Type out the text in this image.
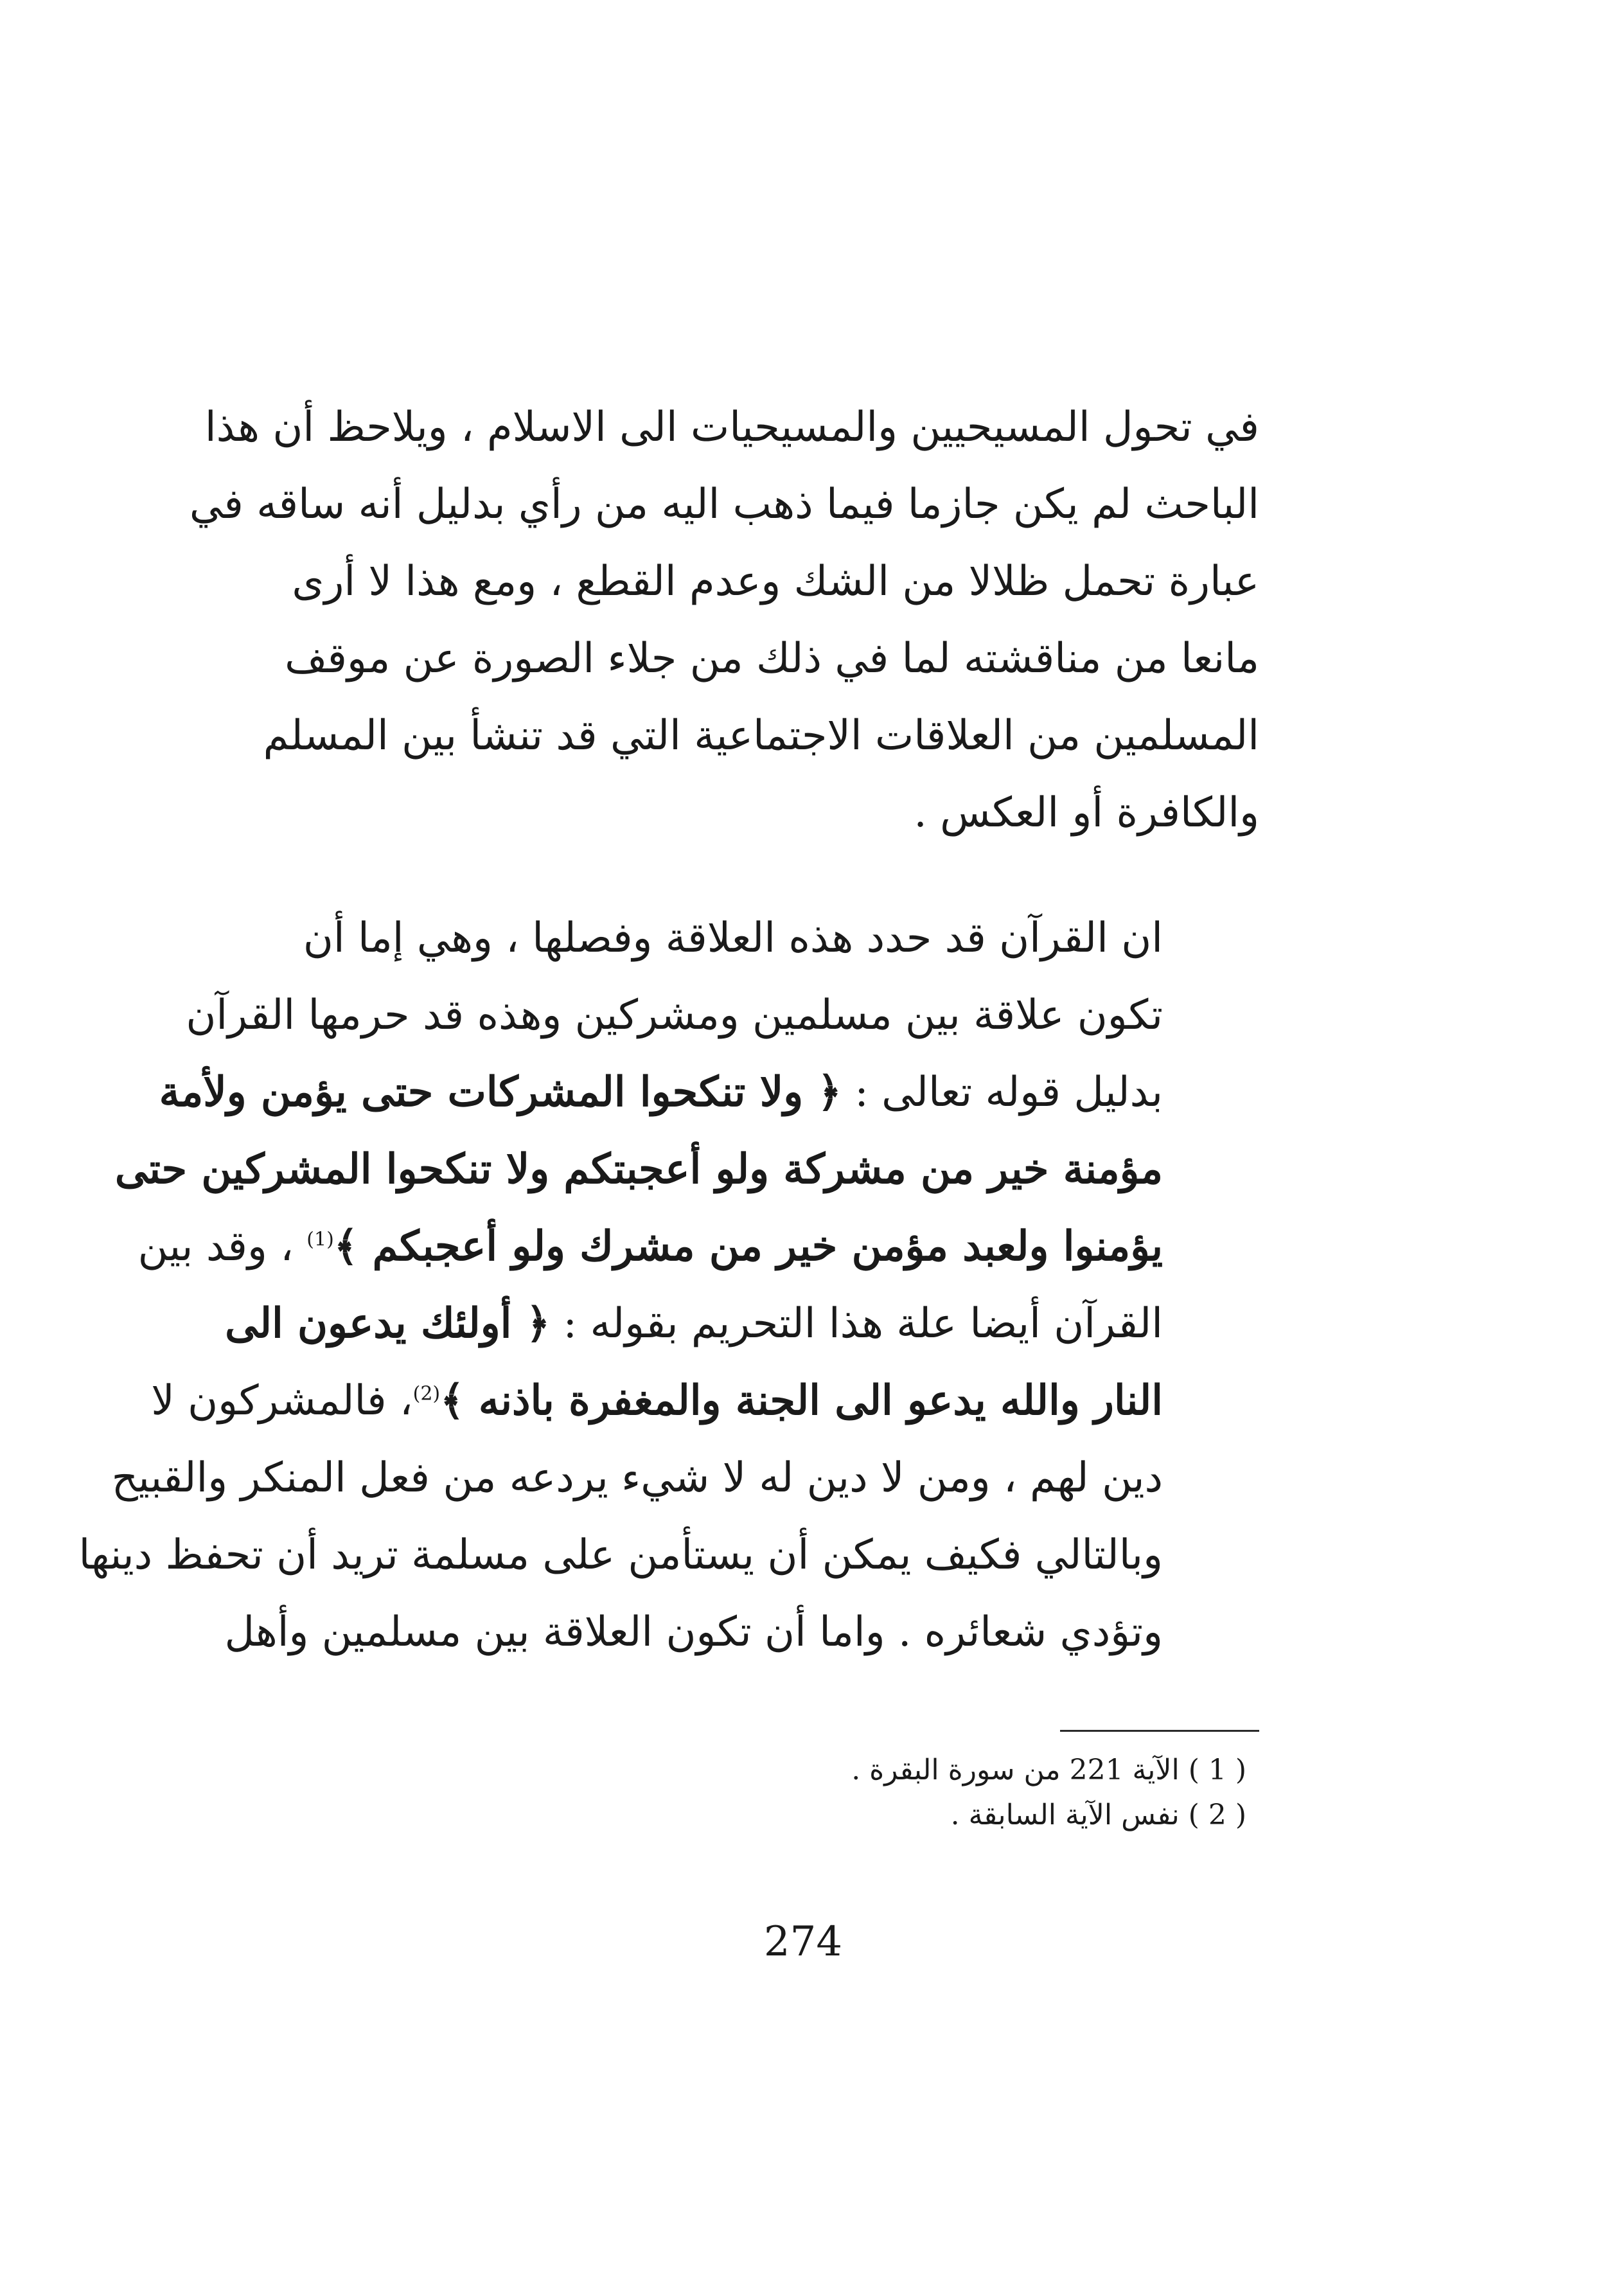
في تحول المسيحيين والمسيحيات الى الاسلام ، ويلاحظ أن هذا
الباحث لم يكن جازما فيما ذهب اليه من رأي بدليل أنه ساقه في
عبارة تحمل ظلالا من الشك وعدم القطع ، ومع هذا لا أرى
مانعا من مناقشته لما في ذلك من جلاء الصورة عن موقف
المسلمين من العلاقات الاجتماعية التي قد تنشأ بين المسلم
والكافرة أو العكس .
ان القرآن قد حدد هذه العلاقة وفصلها ، وهي إما أن
تكون علاقة بين مسلمين ومشركين وهذه قد حرمها القرآن
بدليل قوله تعالى : ﴿ ولا تنكحوا المشركات حتى يؤمن ولأمة
مؤمنة خير من مشركة ولو أعجبتكم ولا تنكحوا المشركين حتى
يؤمنوا ولعبد مؤمن خير من مشرك ولو أعجبكم ﴾$^{(1)}$ ، وقد بين
القرآن أيضا علة هذا التحريم بقوله : ﴿ أولئك يدعون الى
النار والله يدعو الى الجنة والمغفرة باذنه ﴾$^{(2)}$، فالمشركون لا
دين لهم ، ومن لا دين له لا شيء يردعه من فعل المنكر والقبيح
وبالتالي فكيف يمكن أن يستأمن على مسلمة تريد أن تحفظ دينها
وتؤدي شعائره . واما أن تكون العلاقة بين مسلمين وأهل
( 1 ) الآية 221 من سورة البقرة .
( 2 ) نفس الآية السابقة .
274
